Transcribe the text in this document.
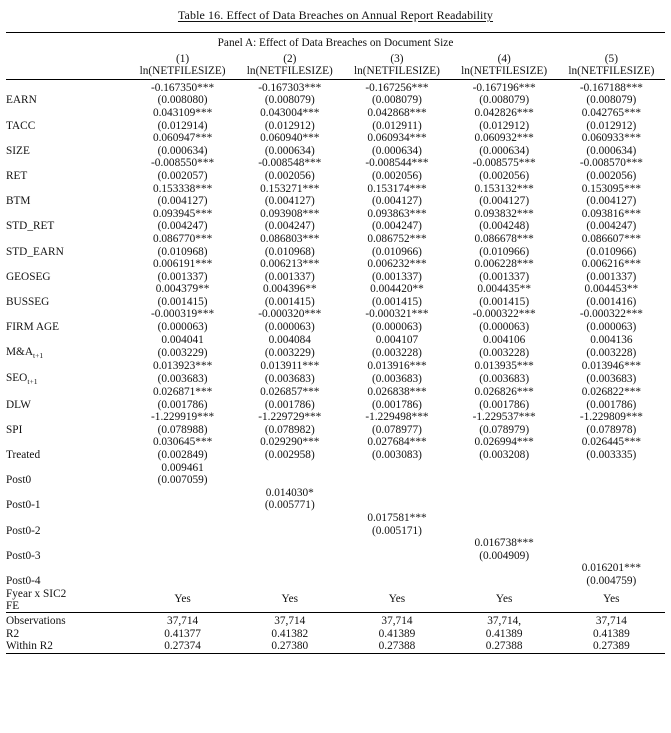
Table 16. Effect of Data Breaches on Annual Report Readability

Panel A: Effect of Data Breaches on Document Size					
	(1)	(2)	(3)	(4)	(5)
	ln(NETFILESIZE)	ln(NETFILESIZE)	ln(NETFILESIZE)	ln(NETFILESIZE)	ln(NETFILESIZE)

	-0.167350***	-0.167303***	-0.167256***	-0.167196***	-0.167188***
EARN	(0.008080)	(0.008079)	(0.008079)	(0.008079)	(0.008079)
	0.043109***	0.043004***	0.042868***	0.042826***	0.042765***
TACC	(0.012914)	(0.012912)	(0.012911)	(0.012912)	(0.012912)
	0.060947***	0.060940***	0.060934***	0.060932***	0.060933***
SIZE	(0.000634)	(0.000634)	(0.000634)	(0.000634)	(0.000634)
	-0.008550***	-0.008548***	-0.008544***	-0.008575***	-0.008570***
RET	(0.002057)	(0.002056)	(0.002056)	(0.002056)	(0.002056)
	0.153338***	0.153271***	0.153174***	0.153132***	0.153095***
BTM	(0.004127)	(0.004127)	(0.004127)	(0.004127)	(0.004127)
	0.093945***	0.093908***	0.093863***	0.093832***	0.093816***
STD_RET	(0.004247)	(0.004247)	(0.004247)	(0.004248)	(0.004247)
	0.086770***	0.086803***	0.086752***	0.086678***	0.086607***
STD_EARN	(0.010968)	(0.010968)	(0.010966)	(0.010966)	(0.010966)
	0.006191***	0.006213***	0.006232***	0.006228***	0.006216***
GEOSEG	(0.001337)	(0.001337)	(0.001337)	(0.001337)	(0.001337)
	0.004379**	0.004396**	0.004420**	0.004435**	0.004453**
BUSSEG	(0.001415)	(0.001415)	(0.001415)	(0.001415)	(0.001416)
	-0.000319***	-0.000320***	-0.000321***	-0.000322***	-0.000322***
FIRM AGE	(0.000063)	(0.000063)	(0.000063)	(0.000063)	(0.000063)
	0.004041	0.004084	0.004107	0.004106	0.004136
$M\&A_{t+1}$	(0.003229)	(0.003229)	(0.003228)	(0.003228)	(0.003228)
	0.013923***	0.013911***	0.013916***	0.013935***	0.013946***
$SEO_{t+1}$	(0.003683)	(0.003683)	(0.003683)	(0.003683)	(0.003683)
	0.026871***	0.026857***	0.026838***	0.026826***	0.026822***
DLW	(0.001786)	(0.001786)	(0.001786)	(0.001786)	(0.001786)
	-1.229919***	-1.229729***	-1.229498***	-1.229537***	-1.229809***
SPI	(0.078988)	(0.078982)	(0.078977)	(0.078979)	(0.078978)
	0.030645***	0.029290***	0.027684***	0.026994***	0.026445***
Treated	(0.002849)	(0.002958)	(0.003083)	(0.003208)	(0.003335)
	0.009461				
Post0	(0.007059)				
		0.014030*			
Post0-1		(0.005771)			
			0.017581***		
Post0-2			(0.005171)		
				0.016738***	
Post0-3				(0.004909)	
					0.016201***
Post0-4					(0.004759)

Fyear x SIC2
FE	Yes	Yes	Yes	Yes	Yes

Observations	37,714	37,714	37,714	37,714,	37,714
R2	0.41377	0.41382	0.41389	0.41389	0.41389
Within R2	0.27374	0.27380	0.27388	0.27388	0.27389
